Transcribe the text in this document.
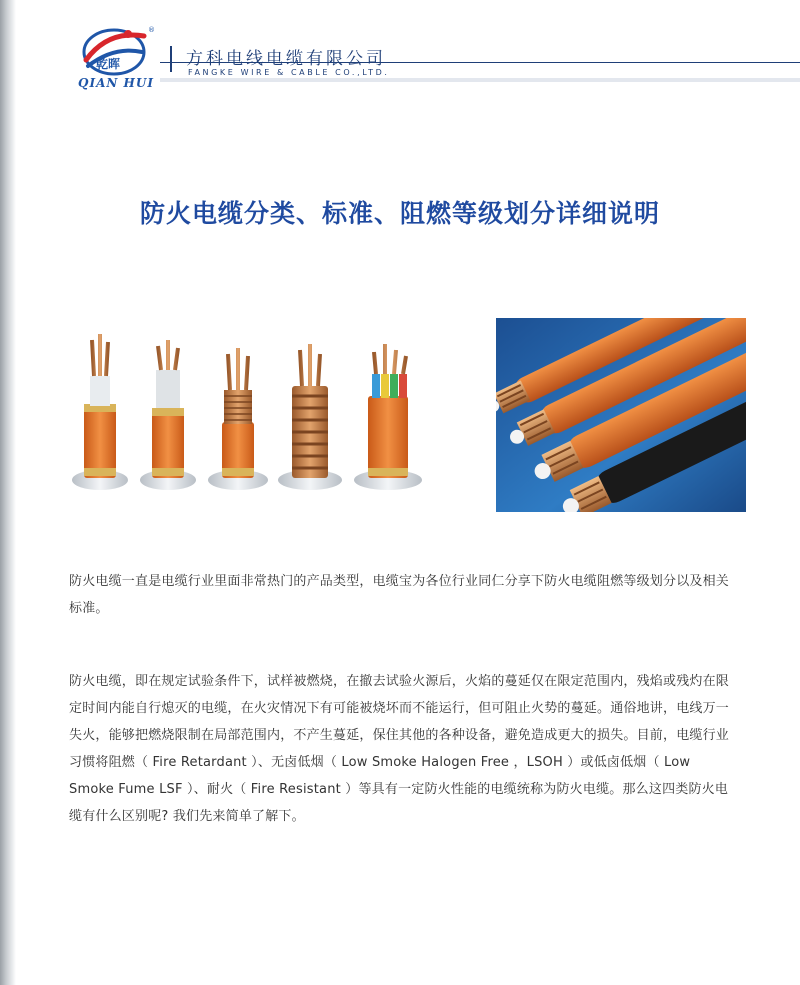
乾晖
®
QIAN HUI
方科电线电缆有限公司
FANGKE WIRE & CABLE CO.,LTD.
防火电缆分类、标准、阻燃等级划分详细说明
防火电缆一直是电缆行业里面非常热门的产品类型，电缆宝为各位行业同仁分享下防火电缆阻燃等级划分以及相关标准。
防火电缆，即在规定试验条件下，试样被燃烧，在撤去试验火源后，火焰的蔓延仅在限定范围内，残焰或残灼在限定时间内能自行熄灭的电缆，在火灾情况下有可能被烧坏而不能运行，但可阻止火势的蔓延。通俗地讲，电线万一失火，能够把燃烧限制在局部范围内，不产生蔓延，保住其他的各种设备，避免造成更大的损失。目前，电缆行业习惯将阻燃（ Fire Retardant ）、无卤低烟（ Low Smoke Halogen Free ，LSOH ）或低卤低烟（ Low Smoke Fume LSF ）、耐火（ Fire Resistant ）等具有一定防火性能的电缆统称为防火电缆。那么这四类防火电缆有什么区别呢? 我们先来简单了解下。
